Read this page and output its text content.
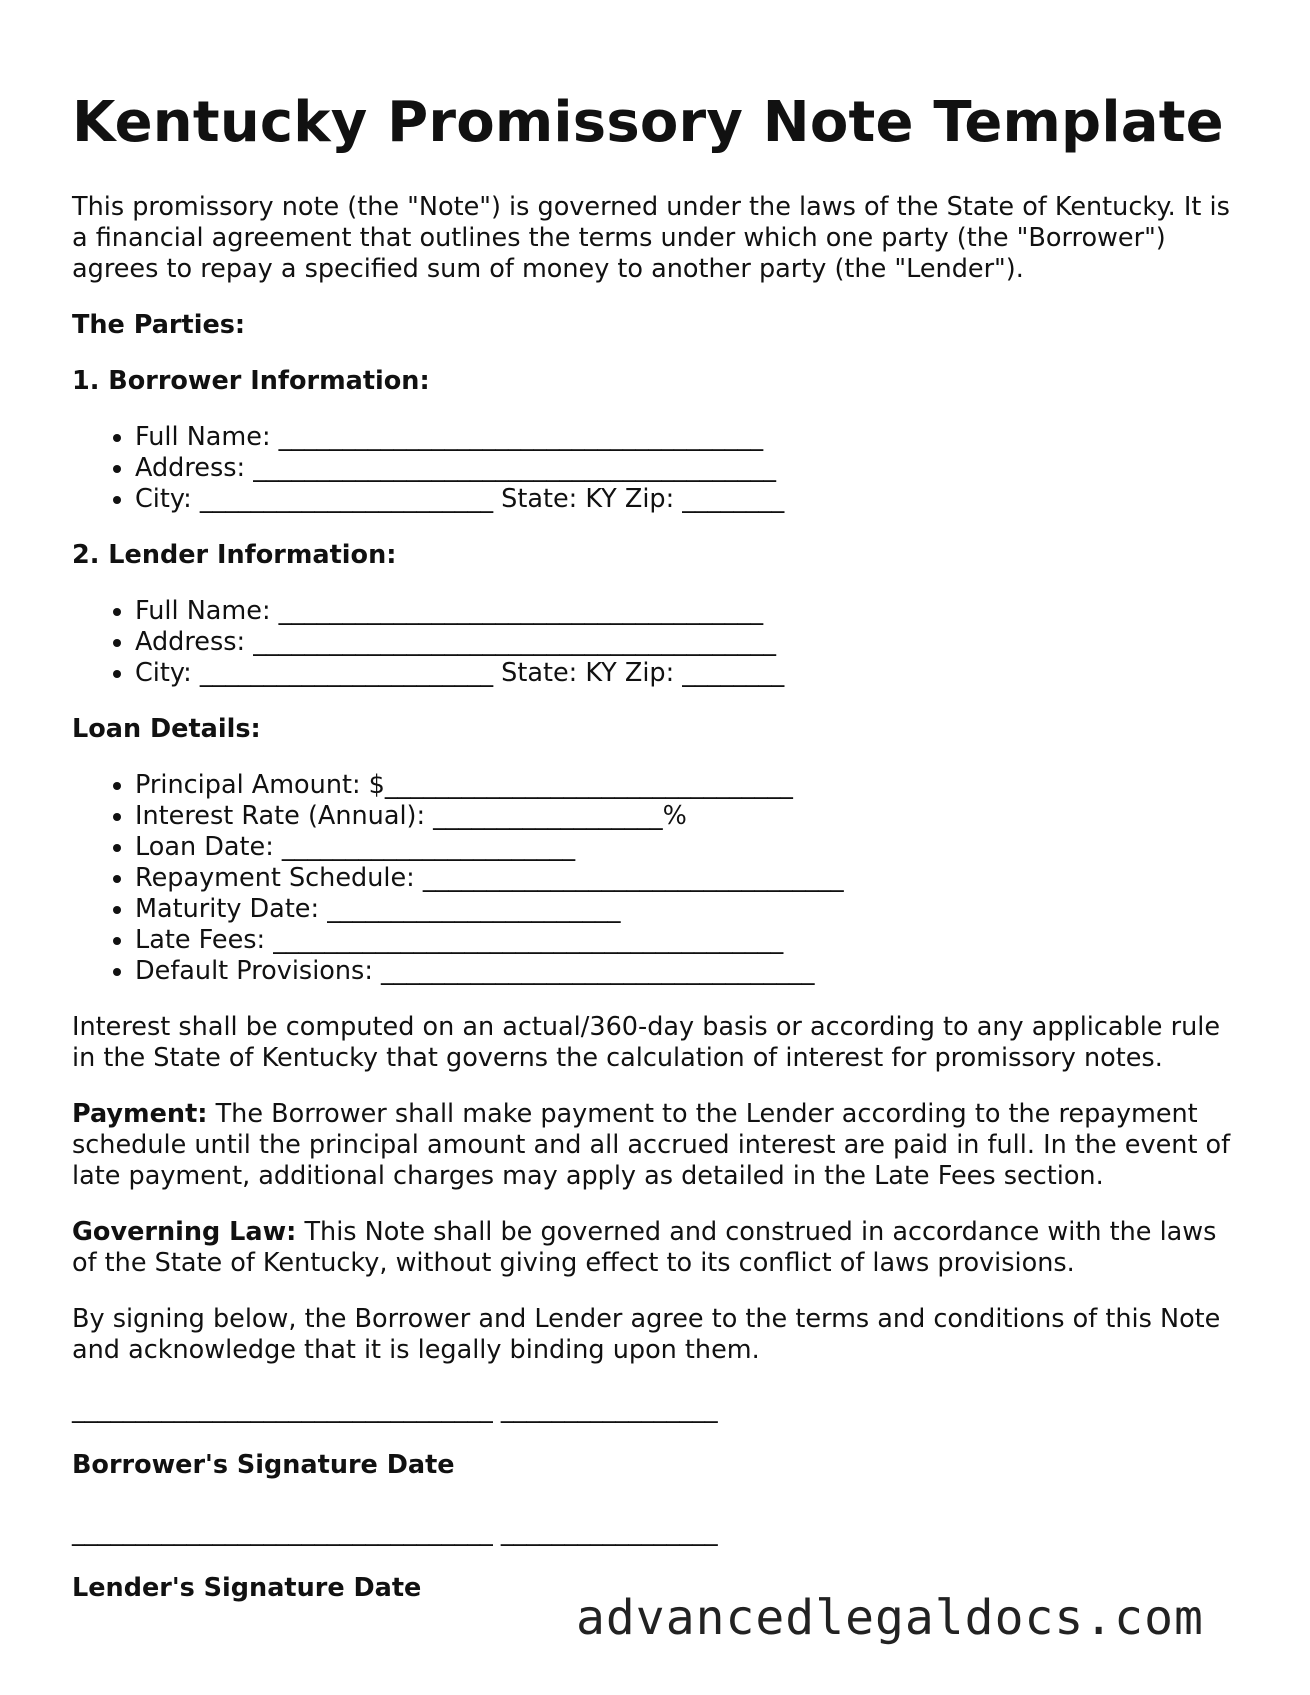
Kentucky Promissory Note Template

This promissory note (the "Note") is governed under the laws of the State of Kentucky. It is a financial agreement that outlines the terms under which one party (the "Borrower") agrees to repay a specified sum of money to another party (the "Lender").

The Parties:
1. Borrower Information:
• Full Name: ______________________________________
• Address: _________________________________________
• City: _______________________ State: KY Zip: ________
2. Lender Information:
• Full Name: ______________________________________
• Address: _________________________________________
• City: _______________________ State: KY Zip: ________
Loan Details:
• Principal Amount: $________________________________
• Interest Rate (Annual): __________________%
• Loan Date: _______________________
• Repayment Schedule: _________________________________
• Maturity Date: _______________________
• Late Fees: ________________________________________
• Default Provisions: __________________________________

Interest shall be computed on an actual/360-day basis or according to any applicable rule in the State of Kentucky that governs the calculation of interest for promissory notes.

Payment: The Borrower shall make payment to the Lender according to the repayment schedule until the principal amount and all accrued interest are paid in full. In the event of late payment, additional charges may apply as detailed in the Late Fees section.

Governing Law: This Note shall be governed and construed in accordance with the laws of the State of Kentucky, without giving effect to its conflict of laws provisions.

By signing below, the Borrower and Lender agree to the terms and conditions of this Note and acknowledge that it is legally binding upon them.

_________________________________ _________________
Borrower's Signature Date
_________________________________ _________________
Lender's Signature Date
advancedlegaldocs.com
